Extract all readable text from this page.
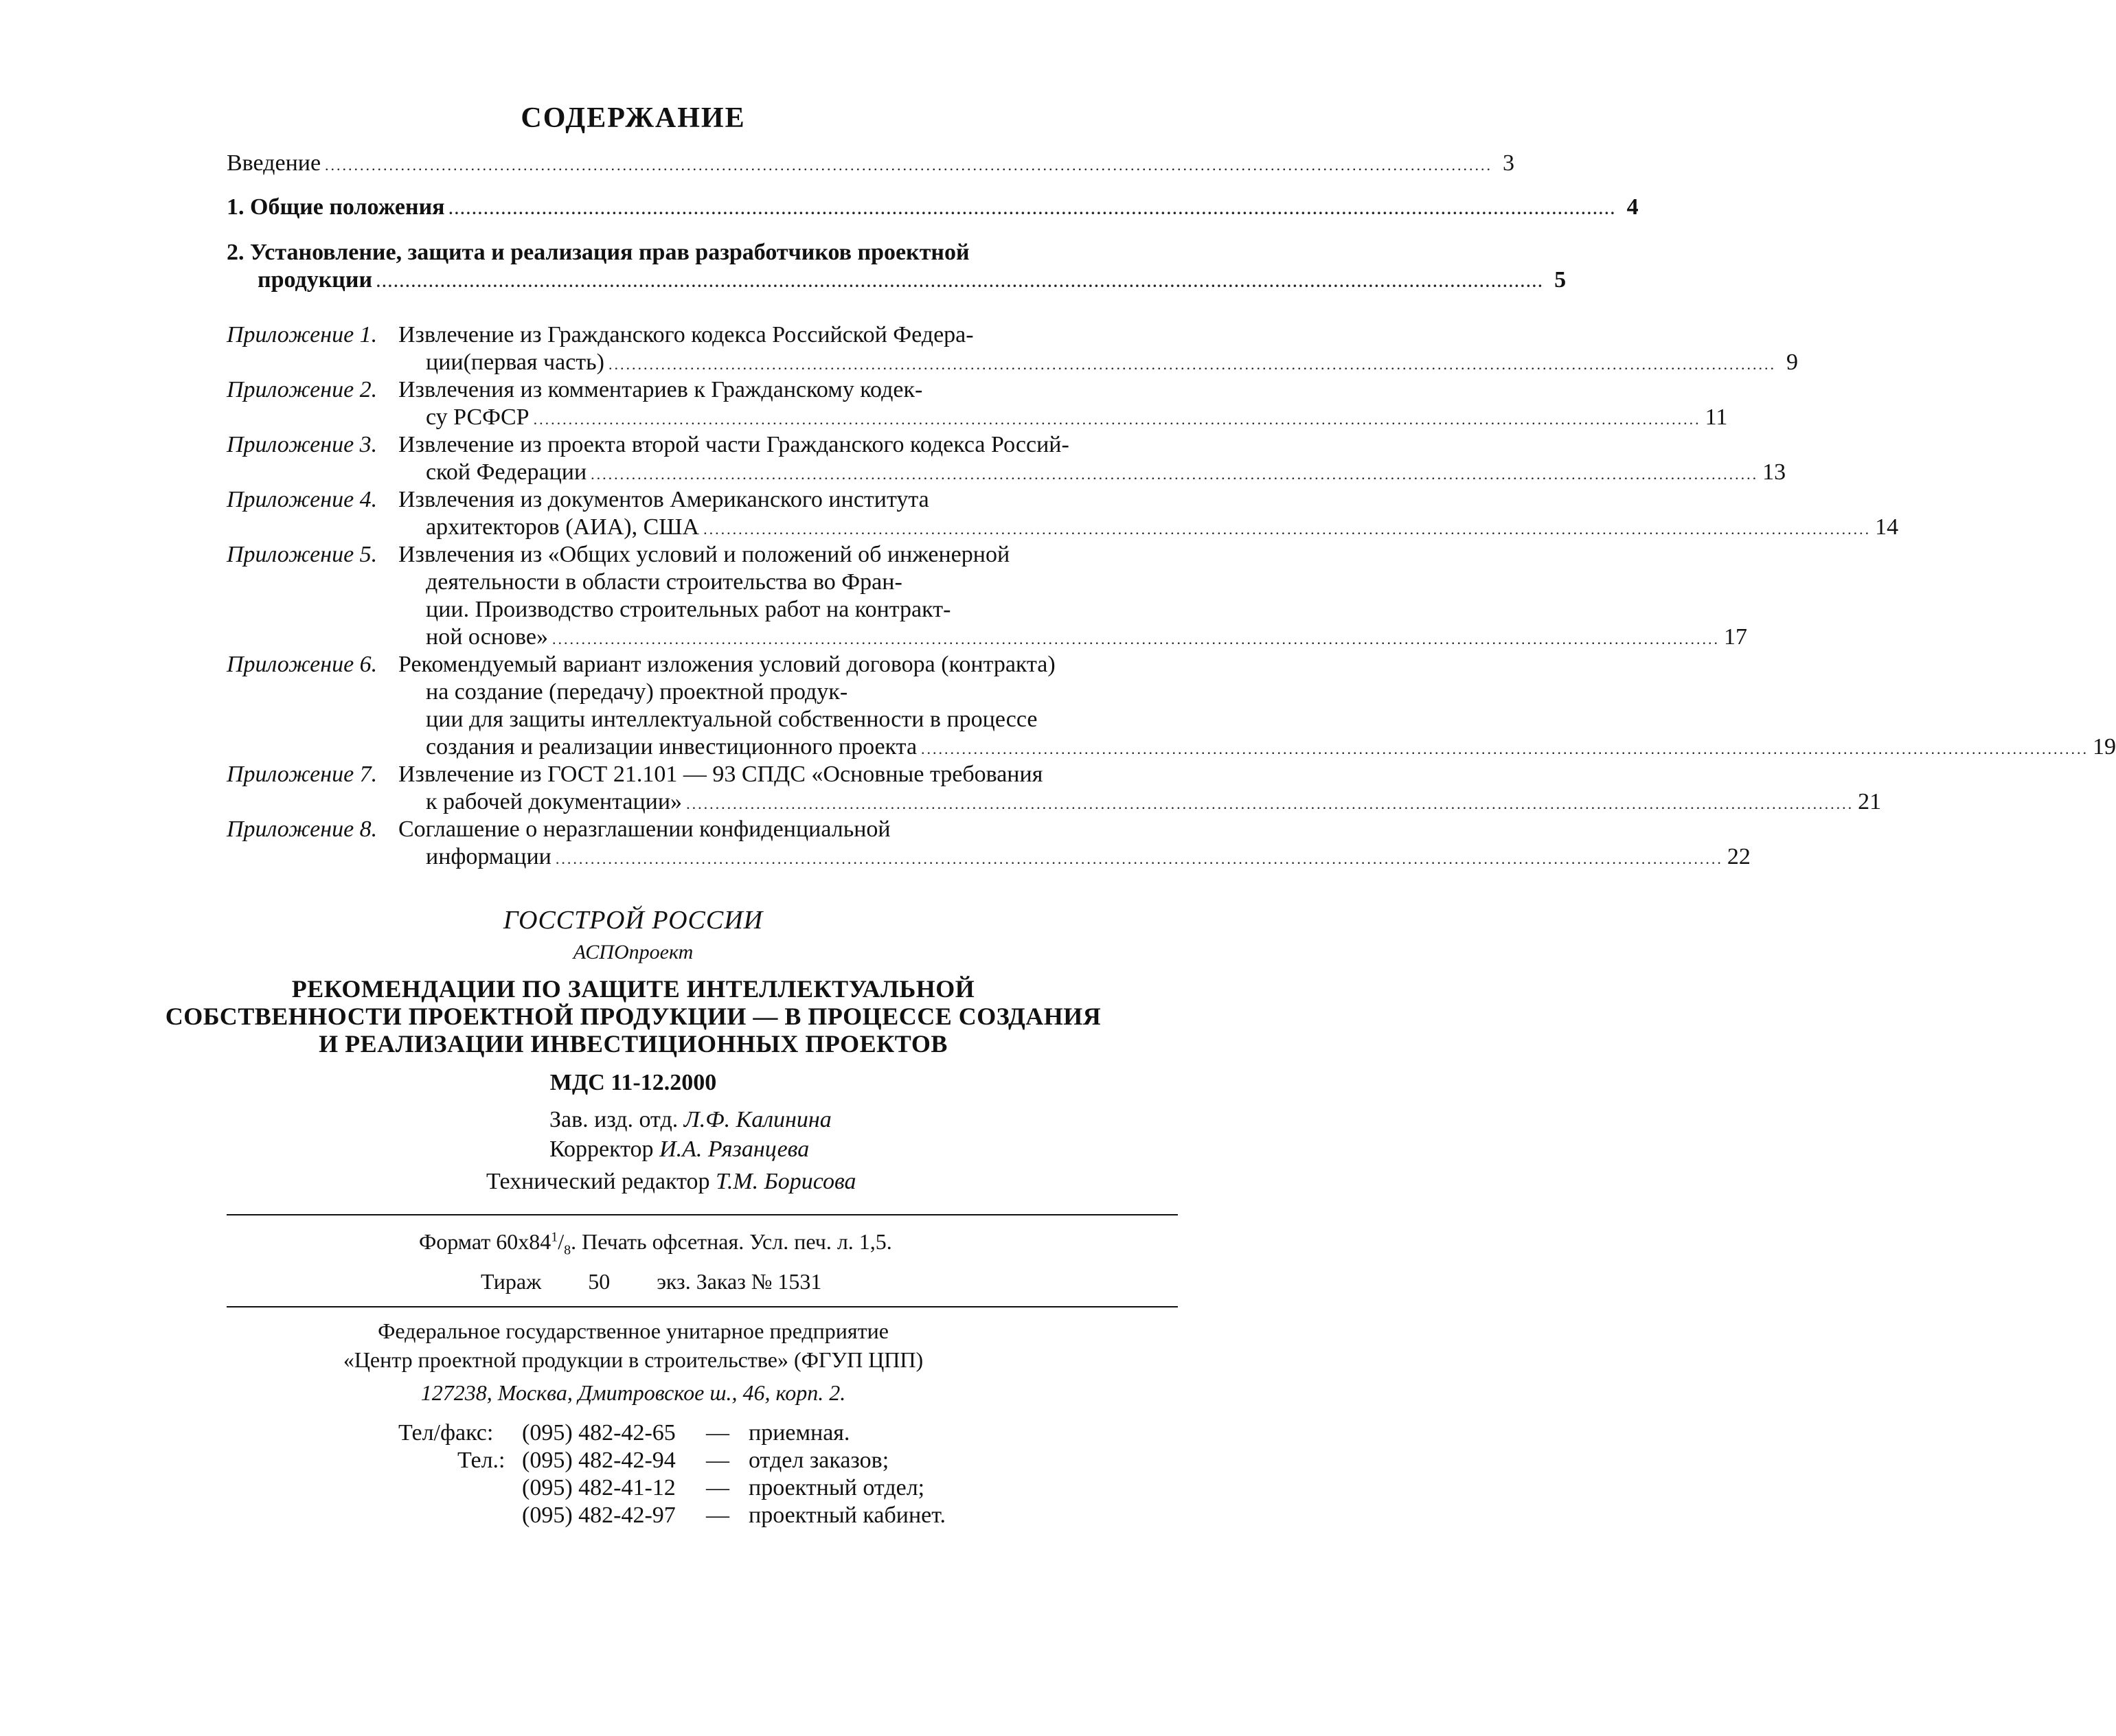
СОДЕРЖАНИЕ
Введение ........................................................................................................................................................................................................ 3
1. Общие положения ........................................................................................................................................................................................................ 4
2. Установление, защита и реализация прав разработчиков проектной
продукции ........................................................................................................................................................................................................ 5
Приложение 1. Извлечение из Гражданского кодекса Российской Федера-
ции(первая часть) ........................................................................................................................................................................................................ 9
Приложение 2. Извлечения из комментариев к Гражданскому кодек-
су РСФСР ........................................................................................................................................................................................................ 11
Приложение 3. Извлечение из проекта второй части Гражданского кодекса Россий-
ской Федерации ........................................................................................................................................................................................................ 13
Приложение 4. Извлечения из документов Американского института
архитекторов (АИА), США ........................................................................................................................................................................................................ 14
Приложение 5. Извлечения из «Общих условий и положений об инженерной
деятельности в области строительства во Фран-
ции. Производство строительных работ на контракт-
ной основе» ........................................................................................................................................................................................................ 17
Приложение 6. Рекомендуемый вариант изложения условий договора (контракта)
на создание (передачу) проектной продук-
ции для защиты интеллектуальной собственности в процессе
создания и реализации инвестиционного проекта ........................................................................................................................................................................................................ 19
Приложение 7. Извлечение из ГОСТ 21.101 — 93 СПДС «Основные требования
к рабочей документации» ........................................................................................................................................................................................................ 21
Приложение 8. Соглашение о неразглашении конфиденциальной
информации ........................................................................................................................................................................................................ 22
ГОССТРОЙ РОССИИ
АСПОпроект
РЕКОМЕНДАЦИИ ПО ЗАЩИТЕ ИНТЕЛЛЕКТУАЛЬНОЙ
СОБСТВЕННОСТИ ПРОЕКТНОЙ ПРОДУКЦИИ — В ПРОЦЕССЕ СОЗДАНИЯ
И РЕАЛИЗАЦИИ ИНВЕСТИЦИОННЫХ ПРОЕКТОВ
МДС 11-12.2000
Зав. изд. отд. Л.Ф. Калинина
Корректор И.А. Рязанцева
Технический редактор Т.М. Борисова
Формат $60x84^1/_8$. Печать офсетная. Усл. печ. л. 1,5.
Тираж 50 экз. Заказ № 1531
Федеральное государственное унитарное предприятие
«Центр проектной продукции в строительстве» (ФГУП ЦПП)
127238, Москва, Дмитровское ш., 46, корп. 2.
Тел/факс: (095) 482-42-65 — приемная.
Тел.: (095) 482-42-94 — отдел заказов;
(095) 482-41-12 — проектный отдел;
(095) 482-42-97 — проектный кабинет.
